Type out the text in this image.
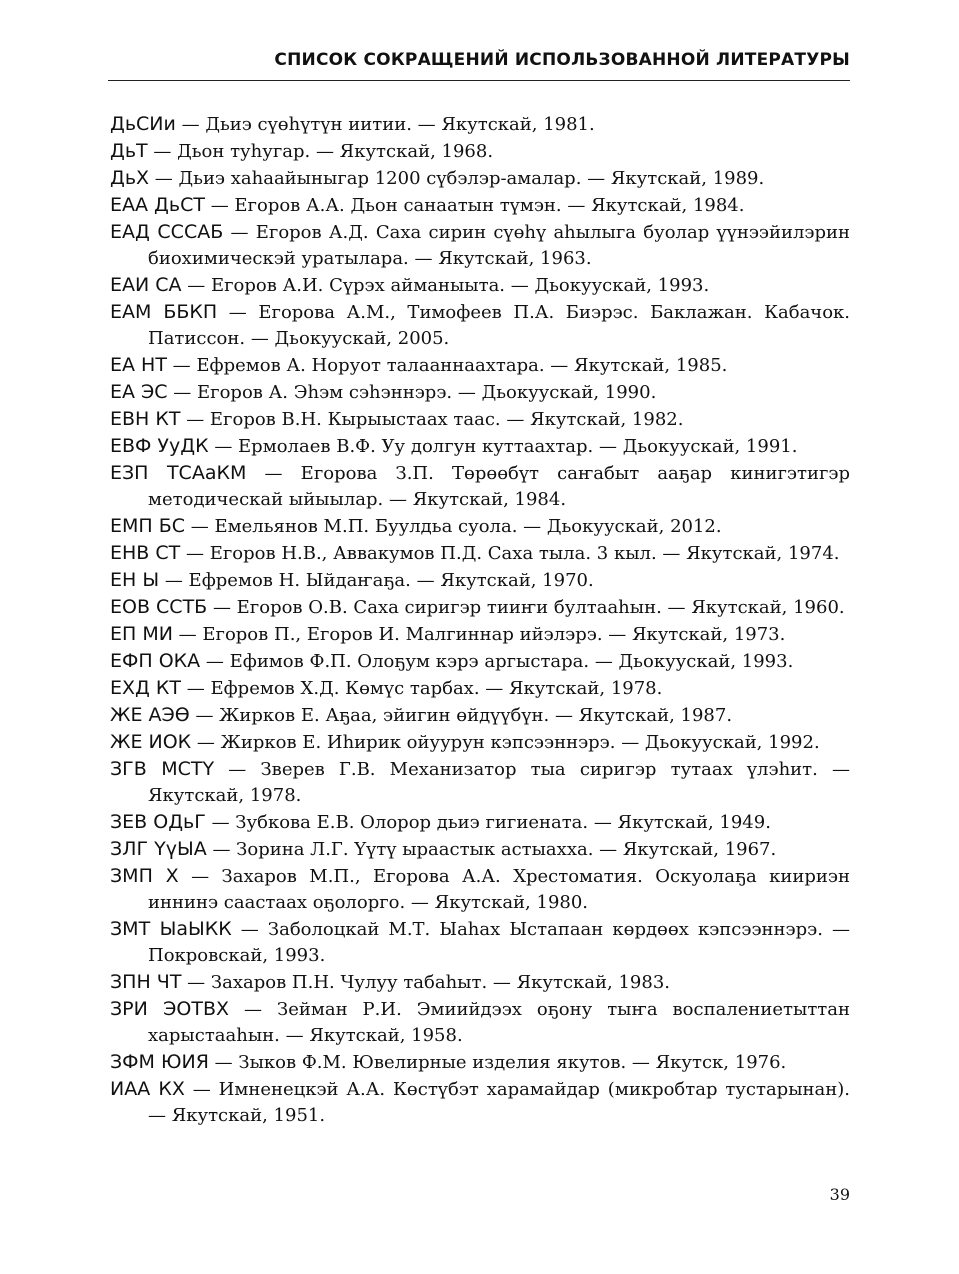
СПИСОК СОКРАЩЕНИЙ ИСПОЛЬЗОВАННОЙ ЛИТЕРАТУРЫ
ДьСИи — Дьиэ сүөһүтүн иитии. — Якутскай, 1981.
ДьТ — Дьон туһугар. — Якутскай, 1968.
ДьХ — Дьиэ хаһаайыныгар 1200 сүбэлэр-амалар. — Якутскай, 1989.
ЕАА ДьСТ — Егоров А.А. Дьон санаатын түмэн. — Якутскай, 1984.
ЕАД СССАБ — Егоров А.Д. Саха сирин сүөһү аһылыга буолар үүнээйилэрин биохимическэй уратылара. — Якутскай, 1963.
ЕАИ СА — Егоров А.И. Сүрэх айманыыта. — Дьокуускай, 1993.
ЕАМ ББКП — Егорова А.М., Тимофеев П.А. Биэрэс. Баклажан. Кабачок. Патиссон. — Дьокуускай, 2005.
ЕА НТ — Ефремов А. Норуот талааннаахтара. — Якутскай, 1985.
ЕА ЭС — Егоров А. Эһэм сэһэннэрэ. — Дьокуускай, 1990.
ЕВН КТ — Егоров В.Н. Кырыыстаах таас. — Якутскай, 1982.
ЕВФ УуДК — Ермолаев В.Ф. Уу долгун куттаахтар. — Дьокуускай, 1991.
ЕЗП ТСАаКМ — Егорова З.П. Төрөөбүт саҥабыт ааҕар кинигэтигэр методическай ыйыылар. — Якутскай, 1984.
ЕМП БС — Емельянов М.П. Буулдьа суола. — Дьокуускай, 2012.
ЕНВ СТ — Егоров Н.В., Аввакумов П.Д. Саха тыла. 3 кыл. — Якутскай, 1974.
ЕН Ы — Ефремов Н. Ыйдаҥаҕа. — Якутскай, 1970.
ЕОВ ССТБ — Егоров О.В. Саха сиригэр тииҥи бултааһын. — Якутскай, 1960.
ЕП МИ — Егоров П., Егоров И. Малгиннар ийэлэрэ. — Якутскай, 1973.
ЕФП ОКА — Ефимов Ф.П. Олоҕум кэрэ аргыстара. — Дьокуускай, 1993.
ЕХД КТ — Ефремов Х.Д. Көмүс тарбах. — Якутскай, 1978.
ЖЕ АЭӨ — Жирков Е. Аҕаа, эйигин өйдүүбүн. — Якутскай, 1987.
ЖЕ ИОК — Жирков Е. Иһирик ойуурун кэпсээннэрэ. — Дьокуускай, 1992.
ЗГВ МСТҮ — Зверев Г.В. Механизатор тыа сиригэр тутаах үлэһит. — Якутскай, 1978.
ЗЕВ ОДьГ — Зубкова Е.В. Олорор дьиэ гигиената. — Якутскай, 1949.
ЗЛГ ҮүЫА — Зорина Л.Г. Үүтү ыраастык астыаххa. — Якутскай, 1967.
ЗМП Х — Захаров М.П., Егорова А.А. Хрестоматия. Оскуолаҕа киириэн иннинэ саастаах оҕолорго. — Якутскай, 1980.
ЗМТ ЫаЫКК — Заболоцкай М.Т. Ыаһах Ыстапаан көрдөөх кэпсээннэрэ. — Покровскай, 1993.
ЗПН ЧТ — Захаров П.Н. Чулуу табаһыт. — Якутскай, 1983.
ЗРИ ЭОТВХ — Зейман Р.И. Эмиийдээх оҕону тыҥа воспалениетыттан харыстааһын. — Якутскай, 1958.
ЗФМ ЮИЯ — Зыков Ф.М. Ювелирные изделия якутов. — Якутск, 1976.
ИАА КХ — Имненецкэй А.А. Көстүбэт харамайдар (микробтар тустарынан). — Якутскай, 1951.
39
